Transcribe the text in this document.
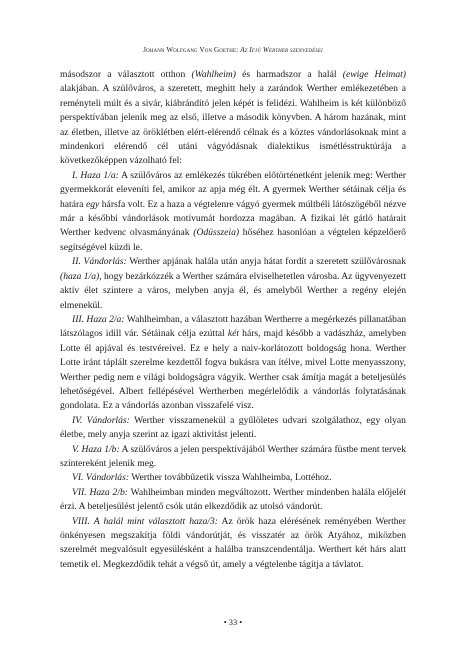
Johann Wolfgang Von Goethe: Az Ifjú Werther szenvedései

másodszor a választott otthon (Wahlheim) és harmadszor a halál (ewige Heimat) alakjában. A szülőváros, a szeretett, meghitt hely a zarándok Werther emlékezetében a reményteli múlt és a sivár, kiábrándító jelen képét is felidézi. Wahlheim is két különböző perspektívában jelenik meg az első, illetve a második könyvben. A három hazának, mint az életben, illetve az öröklétben elért-elérendő célnak és a köztes vándorlásoknak mint a mindenkori elérendő cél utáni vágyódásnak dialektikus ismétlésstruktúrája a következőképpen vázolható fel:

I. Haza 1/a: A szülőváros az emlékezés tükrében előtörténetként jelenik meg: Werther gyermekkorát eleveníti fel, amikor az apja még élt. A gyermek Werther sétáinak célja és határa egy hársfa volt. Ez a haza a végtelenre vágyó gyermek múltbéli látószögéből nézve már a későbbi vándorlások motívumát hordozza magában. A fizikai lét gátló határait Werther kedvenc olvasmányának (Odüsszeia) hőséhez hasonlóan a végtelen képzelőerő segítségével küzdi le.

II. Vándorlás: Werther apjának halála után anyja hátat fordít a szeretett szülővárosnak (haza 1/a), hogy bezárkózzék a Werther számára elviselhetetlen városba. Az ügyvenyezett aktív élet színtere a város, melyben anyja él, és amelyből Werther a regény elején elmenekül.

III. Haza 2/a: Wahlheimban, a választott hazában Wertherre a megérkezés pillanatában látszólagos idill vár. Sétáinak célja ezúttal két hárs, majd később a vadászház, amelyben Lotte él apjával és testvéreivel. Ez e hely a naiv-korlátozott boldogság hona. Werther Lotte iránt táplált szerelme kezdettől fogva bukásra van ítélve, mivel Lotte menyasszony, Werther pedig nem e világi boldogságra vágyik. Werther csak ámítja magát a beteljesülés lehetőségével. Albert fellépésével Wertherben megérlelődik a vándorlás folytatásának gondolata. Ez a vándorlás azonban visszafelé visz.

IV. Vándorlás: Werther visszamenekül a gyűlöletes udvari szolgálathoz, egy olyan életbe, mely anyja szerint az igazi aktivitást jelenti.

V. Haza 1/b: A szülőváros a jelen perspektívájából Werther számára füstbe ment tervek színtereként jelenik meg.

VI. Vándorlás: Werther továbbűzetik vissza Wahlheimba, Lottéhoz.

VII. Haza 2/b: Wahlheimban minden megváltozott. Werther mindenben halála előjelét érzi. A beteljesülést jelentő csók után elkezdődik az utolsó vándorút.

VIII. A halál mint választott haza/3: Az örök haza elérésének reményében Werther önkényesen megszakítja földi vándorútját, és visszatér az örök Atyához, miközben szerelmét megvalósult egyesülésként a halálba transzcendentálja. Werthert két hárs alatt temetik el. Megkezdődik tehát a végső út, amely a végtelenbe tágítja a távlatot.

• 33 •
